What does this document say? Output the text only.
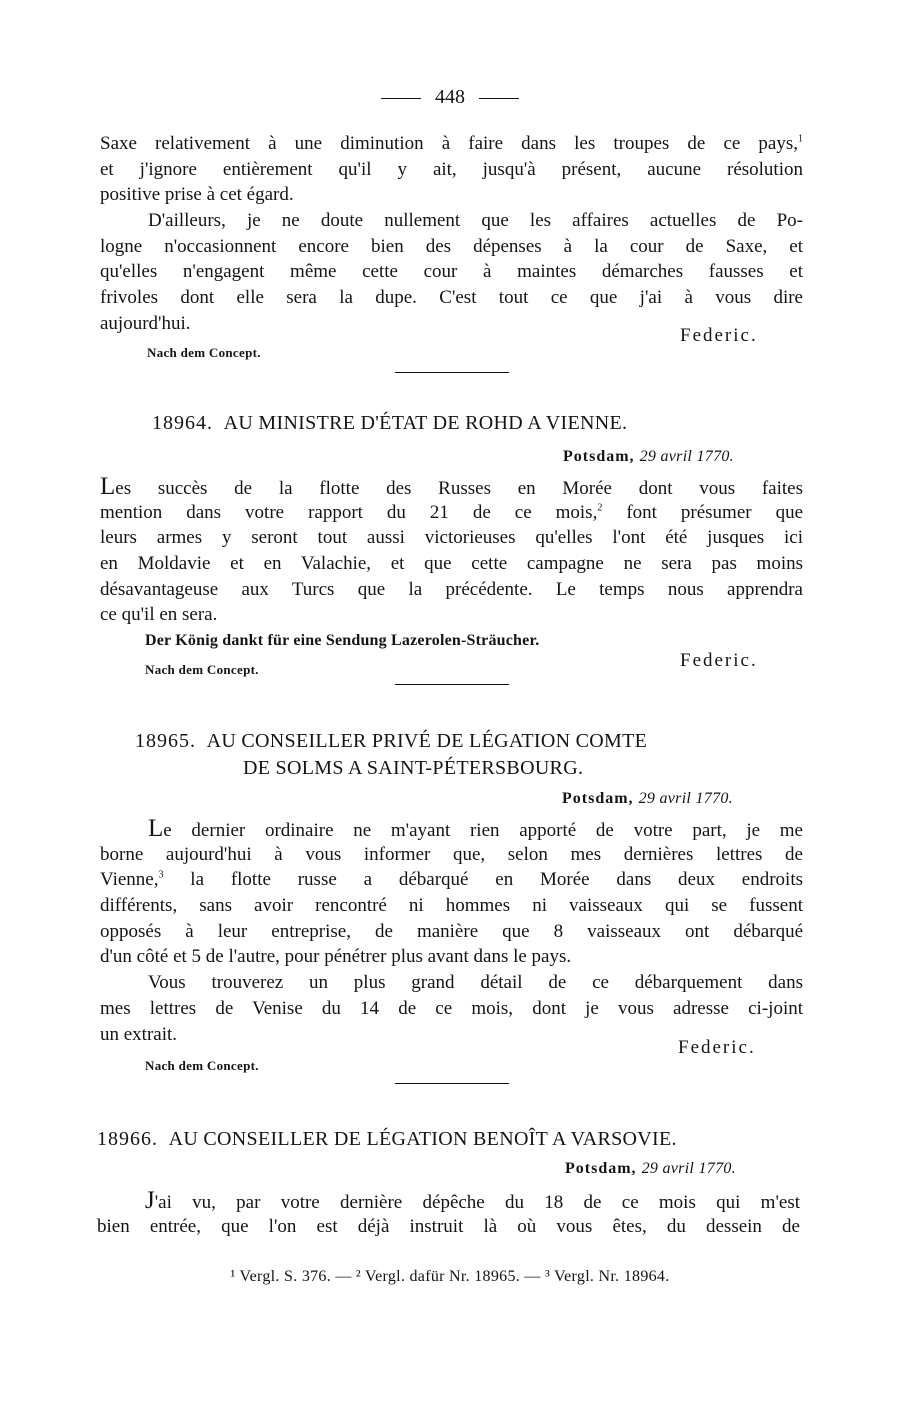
448
Saxe relativement à une diminution à faire dans les troupes de ce pays,$^1$
et j'ignore entièrement qu'il y ait, jusqu'à présent, aucune résolution
positive prise à cet égard.
D'ailleurs, je ne doute nullement que les affaires actuelles de Po-
logne n'occasionnent encore bien des dépenses à la cour de Saxe, et
qu'elles n'engagent même cette cour à maintes démarches fausses et
frivoles dont elle sera la dupe. C'est tout ce que j'ai à vous dire
aujourd'hui.
Federic.
Nach dem Concept.
18964. AU MINISTRE D'ÉTAT DE ROHD A VIENNE.
Potsdam, 29 avril 1770.
Les succès de la flotte des Russes en Morée dont vous faites
mention dans votre rapport du 21 de ce mois,$^2$ font présumer que
leurs armes y seront tout aussi victorieuses qu'elles l'ont été jusques ici
en Moldavie et en Valachie, et que cette campagne ne sera pas moins
désavantageuse aux Turcs que la précédente. Le temps nous apprendra
ce qu'il en sera.
Der König dankt für eine Sendung Lazerolen-Sträucher.
Nach dem Concept.	Federic.
18965. AU CONSEILLER PRIVÉ DE LÉGATION COMTE
DE SOLMS A SAINT-PÉTERSBOURG.
Potsdam, 29 avril 1770.
Le dernier ordinaire ne m'ayant rien apporté de votre part, je me
borne aujourd'hui à vous informer que, selon mes dernières lettres de
Vienne,$^3$ la flotte russe a débarqué en Morée dans deux endroits
différents, sans avoir rencontré ni hommes ni vaisseaux qui se fussent
opposés à leur entreprise, de manière que 8 vaisseaux ont débarqué
d'un côté et 5 de l'autre, pour pénétrer plus avant dans le pays.
Vous trouverez un plus grand détail de ce débarquement dans
mes lettres de Venise du 14 de ce mois, dont je vous adresse ci-joint
un extrait.
Federic.
Nach dem Concept.
18966. AU CONSEILLER DE LÉGATION BENOÎT A VARSOVIE.
Potsdam, 29 avril 1770.
J'ai vu, par votre dernière dépêche du 18 de ce mois qui m'est
bien entrée, que l'on est déjà instruit là où vous êtes, du dessein de
¹ Vergl. S. 376. — ² Vergl. dafür Nr. 18965. — ³ Vergl. Nr. 18964.
